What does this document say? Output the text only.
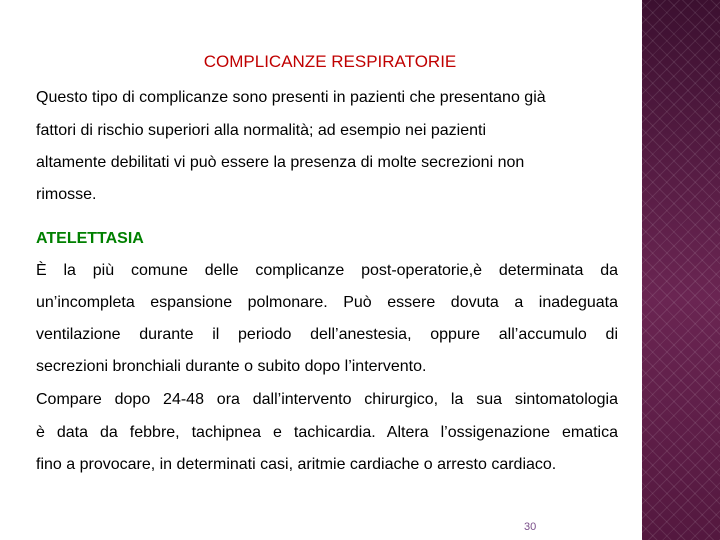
COMPLICANZE RESPIRATORIE
Questo tipo di complicanze sono presenti in pazienti che presentano già
fattori di rischio superiori alla normalità; ad esempio nei pazienti
altamente debilitati vi può essere la presenza di molte secrezioni non
rimosse.
ATELETTASIA
È la più comune delle complicanze post-operatorie,è determinata da
un’incompleta espansione polmonare. Può essere dovuta a inadeguata
ventilazione durante il periodo dell’anestesia, oppure all’accumulo di
secrezioni bronchiali durante o subito dopo l’intervento.
Compare dopo 24-48 ora dall’intervento chirurgico, la sua sintomatologia
è data da febbre, tachipnea e tachicardia. Altera l’ossigenazione ematica
fino a provocare, in determinati casi, aritmie cardiache o arresto cardiaco.
30
